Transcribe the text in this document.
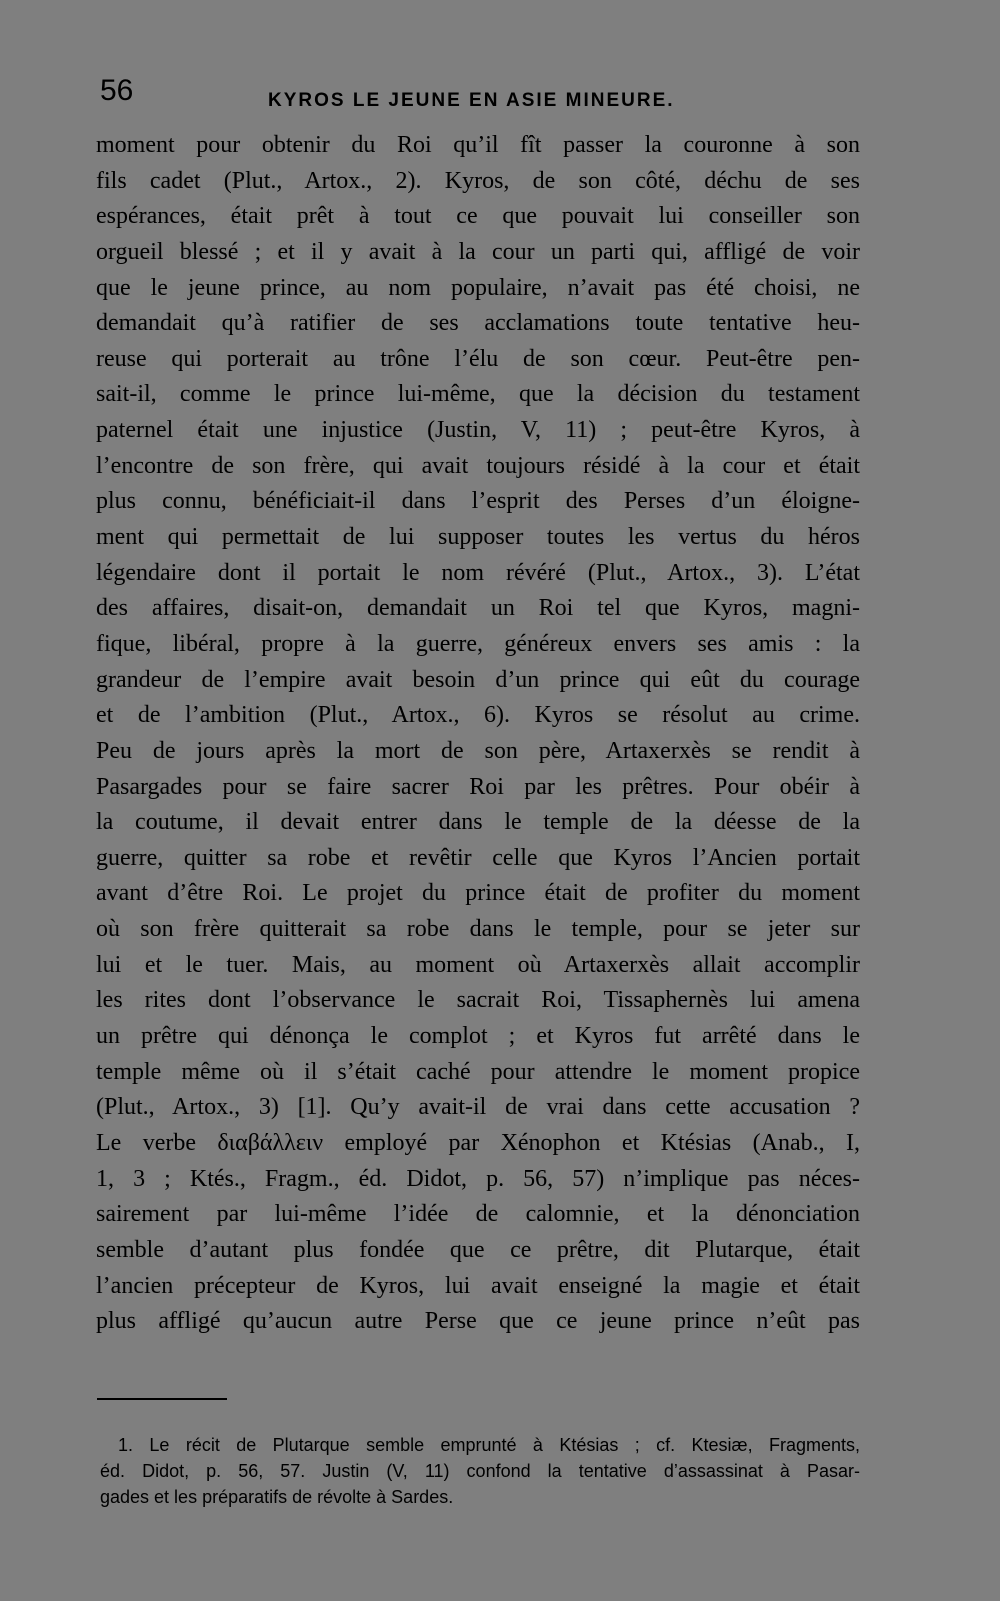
56	KYROS LE JEUNE EN ASIE MINEURE.
moment pour obtenir du Roi qu’il fît passer la couronne à son
fils cadet (Plut., Artox., 2). Kyros, de son côté, déchu de ses
espérances, était prêt à tout ce que pouvait lui conseiller son
orgueil blessé ; et il y avait à la cour un parti qui, affligé de voir
que le jeune prince, au nom populaire, n’avait pas été choisi, ne
demandait qu’à ratifier de ses acclamations toute tentative heu-
reuse qui porterait au trône l’élu de son cœur. Peut-être pen-
sait-il, comme le prince lui-même, que la décision du testament
paternel était une injustice (Justin, V, 11) ; peut-être Kyros, à
l’encontre de son frère, qui avait toujours résidé à la cour et était
plus connu, bénéficiait-il dans l’esprit des Perses d’un éloigne-
ment qui permettait de lui supposer toutes les vertus du héros
légendaire dont il portait le nom révéré (Plut., Artox., 3). L’état
des affaires, disait-on, demandait un Roi tel que Kyros, magni-
fique, libéral, propre à la guerre, généreux envers ses amis : la
grandeur de l’empire avait besoin d’un prince qui eût du courage
et de l’ambition (Plut., Artox., 6). Kyros se résolut au crime.
Peu de jours après la mort de son père, Artaxerxès se rendit à
Pasargades pour se faire sacrer Roi par les prêtres. Pour obéir à
la coutume, il devait entrer dans le temple de la déesse de la
guerre, quitter sa robe et revêtir celle que Kyros l’Ancien portait
avant d’être Roi. Le projet du prince était de profiter du moment
où son frère quitterait sa robe dans le temple, pour se jeter sur
lui et le tuer. Mais, au moment où Artaxerxès allait accomplir
les rites dont l’observance le sacrait Roi, Tissaphernès lui amena
un prêtre qui dénonça le complot ; et Kyros fut arrêté dans le
temple même où il s’était caché pour attendre le moment propice
(Plut., Artox., 3) [1]. Qu’y avait-il de vrai dans cette accusation ?
Le verbe διαβάλλειν employé par Xénophon et Ktésias (Anab., I,
1, 3 ; Ktés., Fragm., éd. Didot, p. 56, 57) n’implique pas néces-
sairement par lui-même l’idée de calomnie, et la dénonciation
semble d’autant plus fondée que ce prêtre, dit Plutarque, était
l’ancien précepteur de Kyros, lui avait enseigné la magie et était
plus affligé qu’aucun autre Perse que ce jeune prince n’eût pas
1. Le récit de Plutarque semble emprunté à Ktésias ; cf. Ktesiæ, Fragments,
éd. Didot, p. 56, 57. Justin (V, 11) confond la tentative d’assassinat à Pasar-
gades et les préparatifs de révolte à Sardes.
